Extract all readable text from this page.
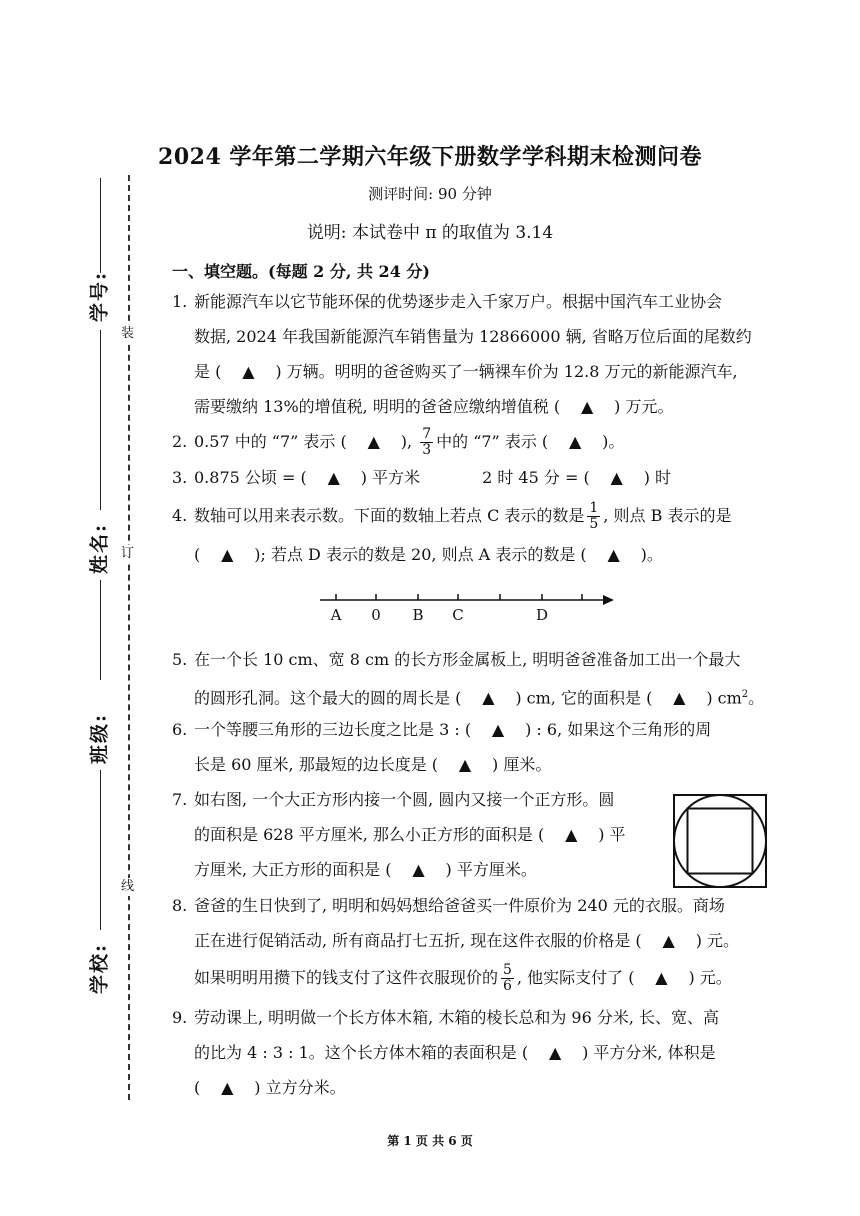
装
订
线
学号:
姓名:
班级:
学校:
2024 学年第二学期六年级下册数学学科期末检测问卷
测评时间: 90 分钟
说明: 本试卷中 π 的取值为 3.14
一、填空题。(每题 2 分, 共 24 分)
1. 新能源汽车以它节能环保的优势逐步走入千家万户。根据中国汽车工业协会
数据, 2024 年我国新能源汽车销售量为 12866000 辆, 省略万位后面的尾数约
是 ( ▲ ) 万辆。明明的爸爸购买了一辆裸车价为 12.8 万元的新能源汽车,
需要缴纳 13%的增值税, 明明的爸爸应缴纳增值税 ( ▲ ) 万元。
2. 0.57 中的 “7” 表示 ( ▲ ), $\frac{7}{3}$ 中的 “7” 表示 ( ▲ )。
3. 0.875 公顷 = ( ▲ ) 平方米	2 时 45 分 = ( ▲ ) 时
4. 数轴可以用来表示数。下面的数轴上若点 C 表示的数是 $\frac{1}{5}$ , 则点 B 表示的是
( ▲ ); 若点 D 表示的数是 20, 则点 A 表示的数是 ( ▲ )。
A 0 B C	D
5. 在一个长 10 cm、宽 8 cm 的长方形金属板上, 明明爸爸准备加工出一个最大
的圆形孔洞。这个最大的圆的周长是 ( ▲ ) cm, 它的面积是 ( ▲ ) $cm^2$。
6. 一个等腰三角形的三边长度之比是 3 : ( ▲ ) : 6, 如果这个三角形的周
长是 60 厘米, 那最短的边长度是 ( ▲ ) 厘米。
7. 如右图, 一个大正方形内接一个圆, 圆内又接一个正方形。圆
的面积是 628 平方厘米, 那么小正方形的面积是 ( ▲ ) 平
方厘米, 大正方形的面积是 ( ▲ ) 平方厘米。
8. 爸爸的生日快到了, 明明和妈妈想给爸爸买一件原价为 240 元的衣服。商场
正在进行促销活动, 所有商品打七五折, 现在这件衣服的价格是 ( ▲ ) 元。
如果明明用攒下的钱支付了这件衣服现价的 $\frac{5}{6}$ , 他实际支付了 ( ▲ ) 元。
9. 劳动课上, 明明做一个长方体木箱, 木箱的棱长总和为 96 分米, 长、宽、高
的比为 4 : 3 : 1。这个长方体木箱的表面积是 ( ▲ ) 平方分米, 体积是
( ▲ ) 立方分米。
第 1 页 共 6 页
